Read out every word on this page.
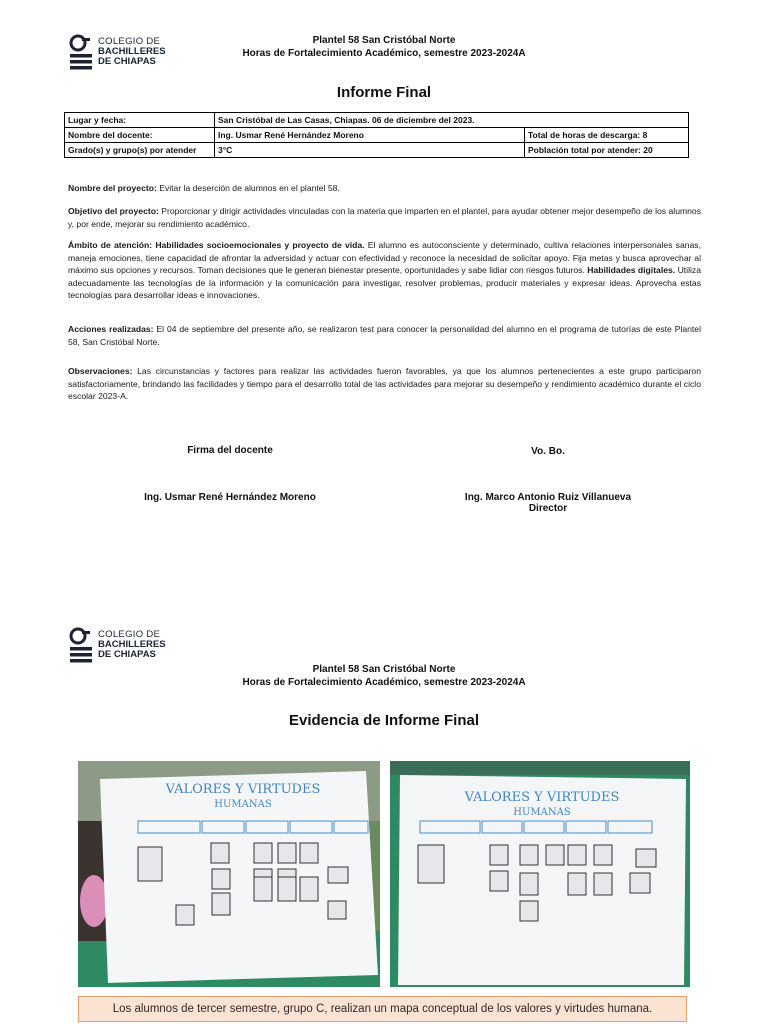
COLEGIO DE
BACHILLERES
DE CHIAPAS
Plantel 58 San Cristóbal Norte
Horas de Fortalecimiento Académico, semestre 2023-2024A
Informe Final
Lugar y fecha:	San Cristóbal de Las Casas, Chiapas. 06 de diciembre del 2023.	
Nombre del docente:	Ing. Usmar René Hernández Moreno	Total de horas de descarga: 8
Grado(s) y grupo(s) por atender	3°C	Población total por atender: 20
Nombre del proyecto: Evitar la deserción de alumnos en el plantel 58.
Objetivo del proyecto: Proporcionar y dirigir actividades vinculadas con la materia que imparten en el plantel, para ayudar obtener mejor desempeño de los alumnos y, por ende, mejorar su rendimiento académico.
Ámbito de atención: Habilidades socioemocionales y proyecto de vida. El alumno es autoconsciente y determinado, cultiva relaciones interpersonales sanas, maneja emociones, tiene capacidad de afrontar la adversidad y actuar con efectividad y reconoce la necesidad de solicitar apoyo. Fija metas y busca aprovechar al máximo sus opciones y recursos. Toman decisiones que le generan bienestar presente, oportunidades y sabe lidiar con riesgos futuros. Habilidades digitales. Utiliza adecuadamente las tecnologías de la información y la comunicación para investigar, resolver problemas, producir materiales y expresar ideas. Aprovecha estas tecnologías para desarrollar ideas e innovaciones.
Acciones realizadas: El 04 de septiembre del presente año, se realizaron test para conocer la personalidad del alumno en el programa de tutorías de este Plantel 58, San Cristóbal Norte.
Observaciones: Las circunstancias y factores para realizar las actividades fueron favorables, ya que los alumnos pertenecientes a este grupo participaron satisfactoriamente, brindando las facilidades y tiempo para el desarrollo total de las actividades para mejorar su desempeño y rendimiento académico durante el ciclo escolar 2023-A.
Firma del docente	Vo. Bo.
Ing. Usmar René Hernández Moreno	Ing. Marco Antonio Ruiz Villanueva
Director
COLEGIO DE
BACHILLERES
DE CHIAPAS
Plantel 58 San Cristóbal Norte
Horas de Fortalecimiento Académico, semestre 2023-2024A
Evidencia de Informe Final
VALORES Y VIRTUDES
HUMANAS	VALORES Y VIRTUDES
HUMANAS
Los alumnos de tercer semestre, grupo C, realizan un mapa conceptual de los valores y virtudes humana.
